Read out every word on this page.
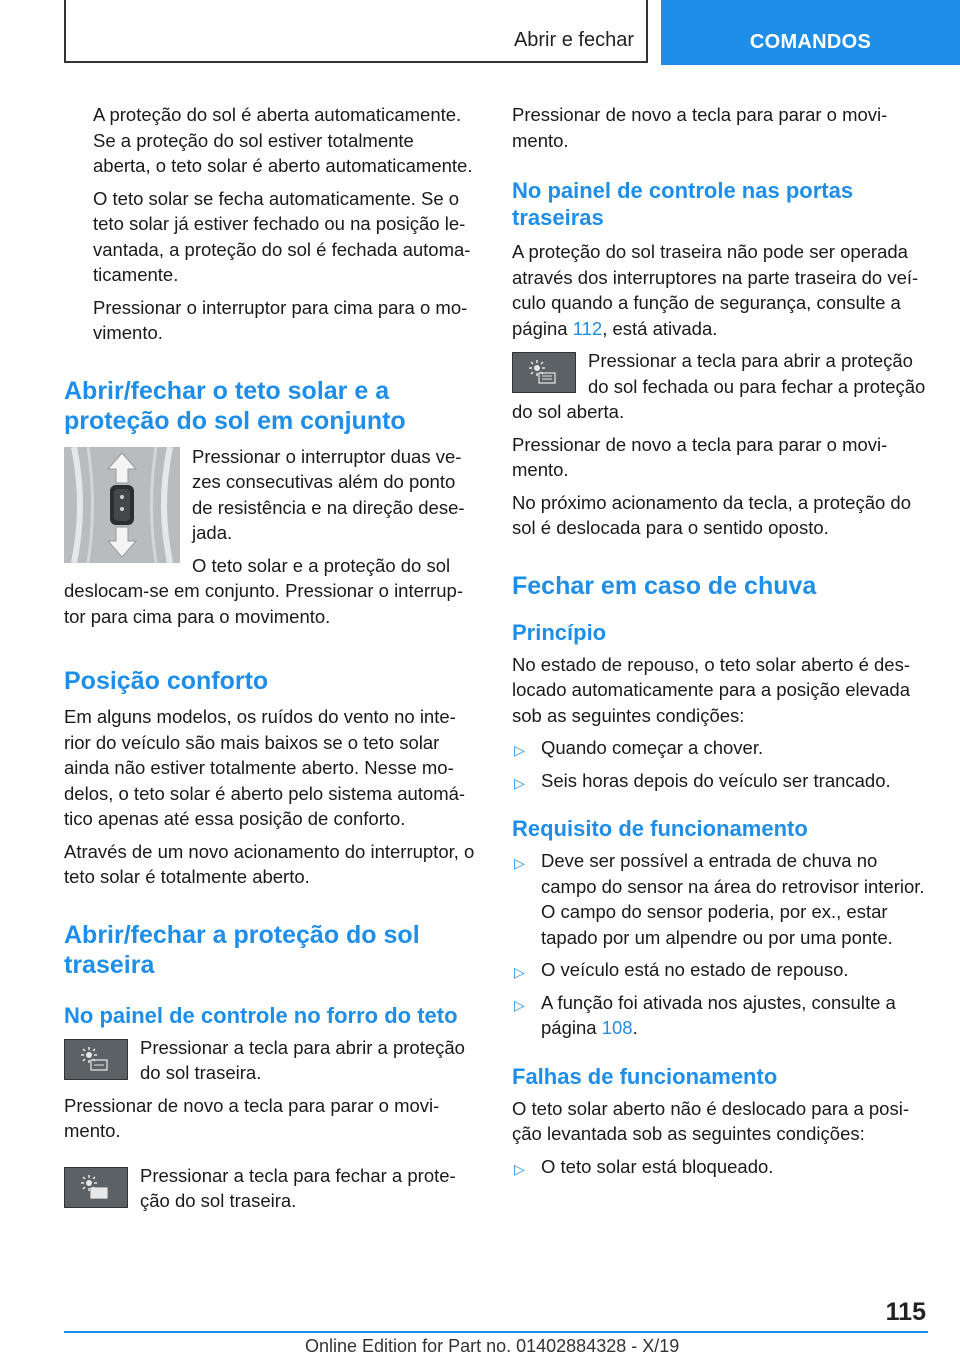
Abrir e fechar	COMANDOS

A proteção do sol é aberta automaticamente. Se a proteção do sol estiver totalmente aberta, o teto solar é aberto automaticamente.

O teto solar se fecha automaticamente. Se o teto solar já estiver fechado ou na posição levantada, a proteção do sol é fechada automaticamente.

Pressionar o interruptor para cima para o movimento.

Abrir/fechar o teto solar e a proteção do sol em conjunto

Pressionar o interruptor duas vezes consecutivas além do ponto de resistência e na direção desejada.

O teto solar e a proteção do sol deslocam-se em conjunto. Pressionar o interruptor para cima para o movimento.

Posição conforto

Em alguns modelos, os ruídos do vento no interior do veículo são mais baixos se o teto solar ainda não estiver totalmente aberto. Nesse modelos, o teto solar é aberto pelo sistema automático apenas até essa posição de conforto.

Através de um novo acionamento do interruptor, o teto solar é totalmente aberto.

Abrir/fechar a proteção do sol traseira
No painel de controle no forro do teto

Pressionar a tecla para abrir a proteção do sol traseira.

Pressionar de novo a tecla para parar o movimento.

Pressionar a tecla para fechar a proteção do sol traseira.

Pressionar de novo a tecla para parar o movimento.

No painel de controle nas portas traseiras

A proteção do sol traseira não pode ser operada através dos interruptores na parte traseira do veículo quando a função de segurança, consulte a página 112, está ativada.

Pressionar a tecla para abrir a proteção do sol fechada ou para fechar a proteção do sol aberta.

Pressionar de novo a tecla para parar o movimento.

No próximo acionamento da tecla, a proteção do sol é deslocada para o sentido oposto.

Fechar em caso de chuva
Princípio

No estado de repouso, o teto solar aberto é deslocado automaticamente para a posição elevada sob as seguintes condições:

▷ Quando começar a chover.
▷ Seis horas depois do veículo ser trancado.
Requisito de funcionamento
▷ Deve ser possível a entrada de chuva no campo do sensor na área do retrovisor interior. O campo do sensor poderia, por ex., estar tapado por um alpendre ou por uma ponte.
▷ O veículo está no estado de repouso.
▷ A função foi ativada nos ajustes, consulte a página 108.
Falhas de funcionamento

O teto solar aberto não é deslocado para a posição levantada sob as seguintes condições:

▷ O teto solar está bloqueado.
115
Online Edition for Part no. 01402884328 - X/19
